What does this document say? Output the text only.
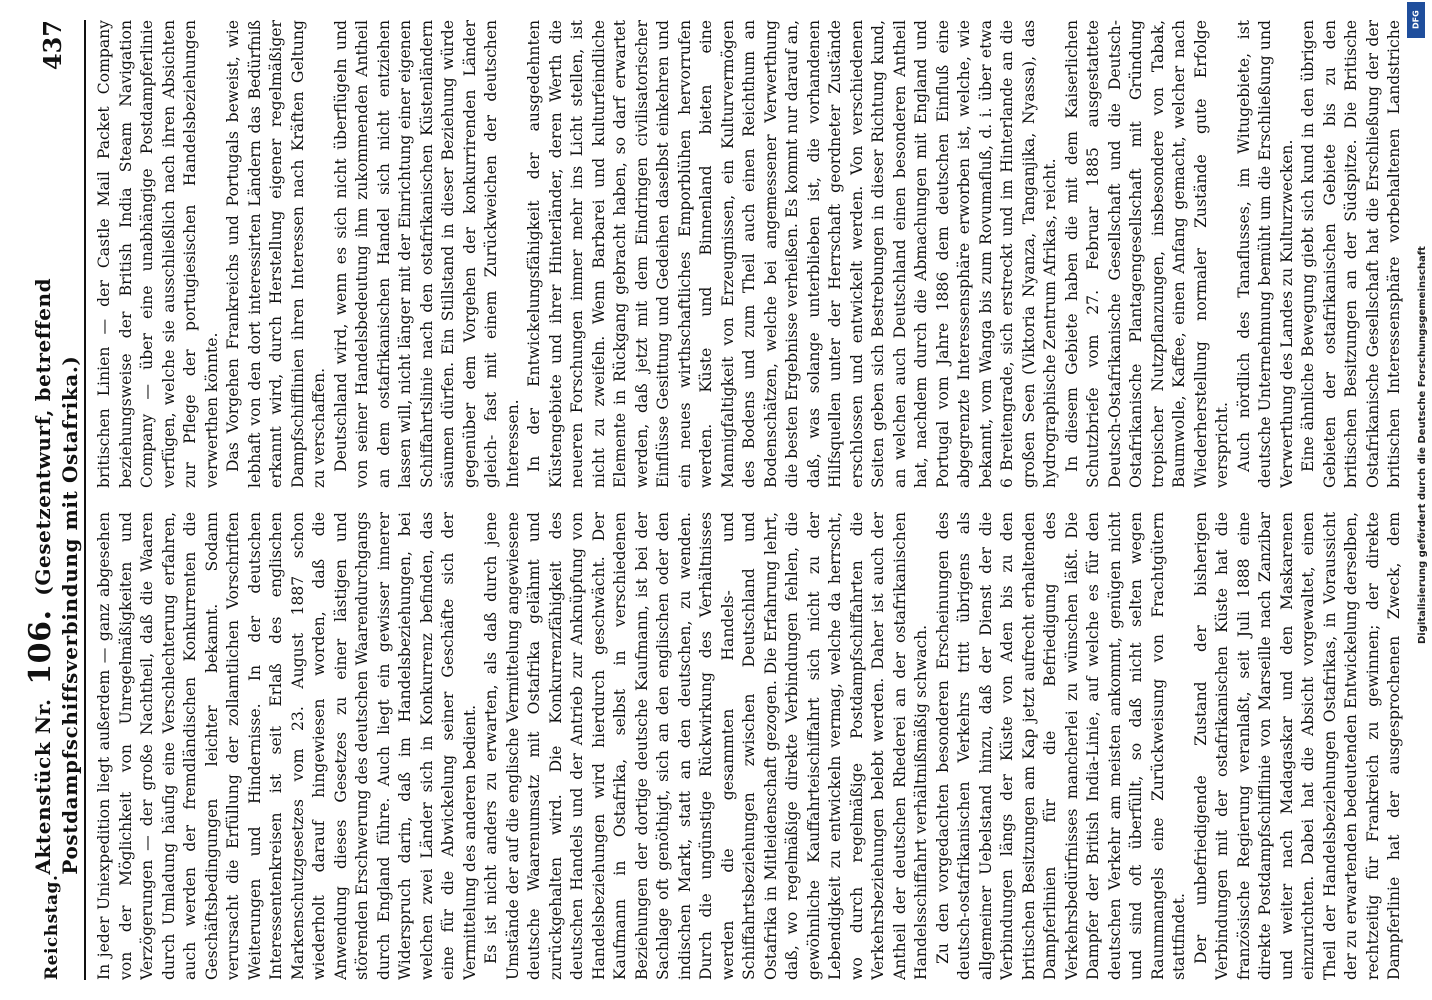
Reichstag.
Aktenstück Nr. 106. (Gesetzentwurf, betreffend Postdampfschiffsverbindung mit Ostafrika.)
437

In jeder Uniexpedition liegt außerdem — ganz abgesehen von der Möglichkeit von Unregelmäßigkeiten und Verzögerungen — der große Nachtheil, daß die Waaren durch Umladung häufig eine Verschlechterung erfahren, auch werden der fremdländischen Konkurrenten die Geschäftsbedingungen leichter bekannt. Sodann verursacht die Erfüllung der zollamtlichen Vorschriften Weiterungen und Hindernisse. In der deutschen Interessentenkreisen ist seit Erlaß des englischen Markenschutzgesetzes vom 23. August 1887 schon wiederholt darauf hingewiesen worden, daß die Anwendung dieses Gesetzes zu einer lästigen und störenden Erschwerung des deutschen Waarendurchgangs durch England führe. Auch liegt ein gewisser innerer Widerspruch darin, daß im Handelsbeziehungen, bei welchen zwei Länder sich in Konkurrenz befinden, das eine für die Abwickelung seiner Geschäfte sich der Vermittelung des anderen bedient. Es ist nicht anders zu erwarten, als daß durch jene Umstände der auf die englische Vermittelung angewiesene deutsche Waarenumsatz mit Ostafrika gelähmt und zurückgehalten wird. Die Konkurrenzfähigkeit des deutschen Handels und der Antrieb zur Anknüpfung von Handelsbeziehungen wird hierdurch geschwächt. Der Kaufmann in Ostafrika, selbst in verschiedenen Beziehungen der dortige deutsche Kaufmann, ist bei der Sachlage oft genöthigt, sich an den englischen oder den indischen Markt, statt an den deutschen, zu wenden. Durch die ungünstige Rückwirkung des Verhältnisses werden die gesammten Handels- und Schiffahrtsbeziehungen zwischen Deutschland und Ostafrika in Mitleidenschaft gezogen. Die Erfahrung lehrt, daß, wo regelmäßige direkte Verbindungen fehlen, die gewöhnliche Kauffahrteischiffahrt sich nicht zu der Lebendigkeit zu entwickeln vermag, welche da herrscht, wo durch regelmäßige Postdampfschiffahrten die Verkehrsbeziehungen belebt werden. Daher ist auch der Antheil der deutschen Rhederei an der ostafrikanischen Handelsschiffahrt verhältnißmäßig schwach. Zu den vorgedachten besonderen Erscheinungen des deutsch-ostafrikanischen Verkehrs tritt übrigens als allgemeiner Uebelstand hinzu, daß der Dienst der die Verbindungen längs der Küste von Aden bis zu den britischen Besitzungen am Kap jetzt aufrecht erhaltenden Dampferlinien für die Befriedigung des Verkehrsbedürfnisses mancherlei zu wünschen läßt. Die Dampfer der British India-Linie, auf welche es für den deutschen Verkehr am meisten ankommt, genügen nicht und sind oft überfüllt, so daß nicht selten wegen Raummangels eine Zurückweisung von Frachtgütern stattfindet. Der unbefriedigende Zustand der bisherigen Verbindungen mit der ostafrikanischen Küste hat die französische Regierung veranlaßt, seit Juli 1888 eine direkte Postdampfschifflinie von Marseille nach Zanzibar und weiter nach Madagaskar und den Maskarenen einzurichten. Dabei hat die Absicht vorgewaltet, einen Theil der Handelsbeziehungen Ostafrikas, in Voraussicht der zu erwartenden bedeutenden Entwickelung derselben, rechtzeitig für Frankreich zu gewinnen; der direkte Dampferlinie hat der ausgesprochenen Zweck, dem

britischen Linien — der Castle Mail Packet Company beziehungsweise der British India Steam Navigation Company — über eine unabhängige Postdampferlinie verfügen, welche sie ausschließlich nach ihren Absichten zur Pflege der portugiesischen Handelsbeziehungen verwerthen könnte. Das Vorgehen Frankreichs und Portugals beweist, wie lebhaft von den dort interessirten Ländern das Bedürfniß erkannt wird, durch Herstellung eigener regelmäßiger Dampfschifflinien ihren Interessen nach Kräften Geltung zu verschaffen. Deutschland wird, wenn es sich nicht überflügeln und von seiner Handelsbedeutung ihm zukommenden Antheil an dem ostafrikanischen Handel sich nicht entziehen lassen will, nicht länger mit der Einrichtung einer eigenen Schiffahrtslinie nach den ostafrikanischen Küstenländern säumen dürfen. Ein Stillstand in dieser Beziehung würde gegenüber dem Vorgehen der konkurrirenden Länder gleich- fast mit einem Zurückweichen der deutschen Interessen. In der Entwickelungsfähigkeit der ausgedehnten Küstengebiete und ihrer Hinterländer, deren Werth die neueren Forschungen immer mehr ins Licht stellen, ist nicht zu zweifeln. Wenn Barbarei und kulturfeindliche Elemente in Rückgang gebracht haben, so darf erwartet werden, daß jetzt mit dem Eindringen civilisatorischer Einflüsse Gesittung und Gedeihen daselbst einkehren und ein neues wirthschaftliches Emporblühen hervorrufen werden. Küste und Binnenland bieten eine Mannigfaltigkeit von Erzeugnissen, ein Kulturvermögen des Bodens und zum Theil auch einen Reichthum an Bodenschätzen, welche bei angemessener Verwerthung die besten Ergebnisse verheißen. Es kommt nur darauf an, daß, was solange unterblieben ist, die vorhandenen Hilfsquellen unter der Herrschaft geordneter Zustände erschlossen und entwickelt werden. Von verschiedenen Seiten geben sich Bestrebungen in dieser Richtung kund, an welchen auch Deutschland einen besonderen Antheil hat, nachdem durch die Abmachungen mit England und Portugal vom Jahre 1886 dem deutschen Einfluß eine abgegrenzte Interessensphäre erworben ist, welche, wie bekannt, vom Wanga bis zum Rovumafluß, d. i. über etwa 6 Breitengrade, sich erstreckt und im Hinterlande an die großen Seen (Viktoria Nyanza, Tanganjika, Nyassa), das hydrographische Zentrum Afrikas, reicht. In diesem Gebiete haben die mit dem Kaiserlichen Schutzbriefe vom 27. Februar 1885 ausgestattete Deutsch-Ostafrikanische Gesellschaft und die Deutsch-Ostafrikanische Plantagengesellschaft mit Gründung tropischer Nutzpflanzungen, insbesondere von Tabak, Baumwolle, Kaffee, einen Anfang gemacht, welcher nach Wiederherstellung normaler Zustände gute Erfolge verspricht. Auch nördlich des Tanaflusses, im Witugebiete, ist deutsche Unternehmung bemüht um die Erschließung und Verwerthung des Landes zu Kulturzwecken. Eine ähnliche Bewegung giebt sich kund in den übrigen Gebieten der ostafrikanischen Gebiete bis zu den britischen Besitzungen an der Südspitze. Die Britische Ostafrikanische Gesellschaft hat die Erschließung der der britischen Interessensphäre vorbehaltenen Landstriche	DFG
Digitalisierung gefördert durch die Deutsche Forschungsgemeinschaft
